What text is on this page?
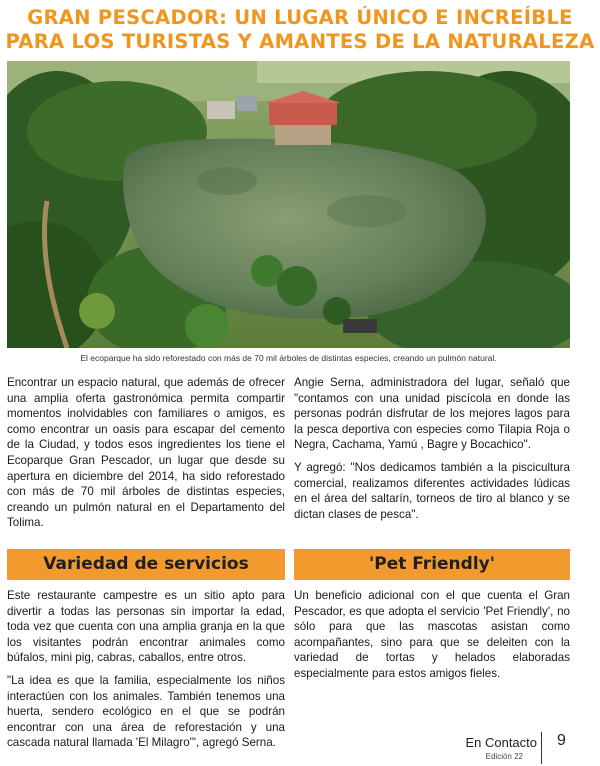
GRAN PESCADOR: UN LUGAR ÚNICO E INCREÍBLE
PARA LOS TURISTAS Y AMANTES DE LA NATURALEZA
El ecoparque ha sido reforestado con más de 70 mil árboles de distintas especies, creando un pulmón natural.

Encontrar un espacio natural, que además de ofrecer una amplia oferta gastronómica permita compartir momentos inolvidables con familiares o amigos, es como encontrar un oasis para escapar del cemento de la Ciudad, y todos esos ingredientes los tiene el Ecoparque Gran Pescador, un lugar que desde su apertura en diciembre del 2014, ha sido reforestado con más de 70 mil árboles de distintas especies, creando un pulmón natural en el Departamento del Tolima.

Angie Serna, administradora del lugar, señaló que "contamos con una unidad piscícola en donde las personas podrán disfrutar de los mejores lagos para la pesca deportiva con especies como Tilapia Roja o Negra, Cachama, Yamú , Bagre y Bocachico".

Y agregó: "Nos dedicamos también a la piscicultura comercial, realizamos diferentes actividades lúdicas en el área del saltarín, torneos de tiro al blanco y se dictan clases de pesca".

Variedad de servicios	'Pet Friendly'

Este restaurante campestre es un sitio apto para divertir a todas las personas sin importar la edad, toda vez que cuenta con una amplia granja en la que los visitantes podrán encontrar animales como búfalos, mini pig, cabras, caballos, entre otros.

"La idea es que la familia, especialmente los niños interactúen con los animales. También tenemos una huerta, sendero ecológico en el que se podrán encontrar con una área de reforestación y una cascada natural llamada 'El Milagro'", agregó Serna.

Un beneficio adicional con el que cuenta el Gran Pescador, es que adopta el servicio 'Pet Friendly', no sólo para que las mascotas asistan como acompañantes, sino para que se deleiten con la variedad de tortas y helados elaboradas especialmente para estos amigos fieles.

En Contacto
Edición 22
9
